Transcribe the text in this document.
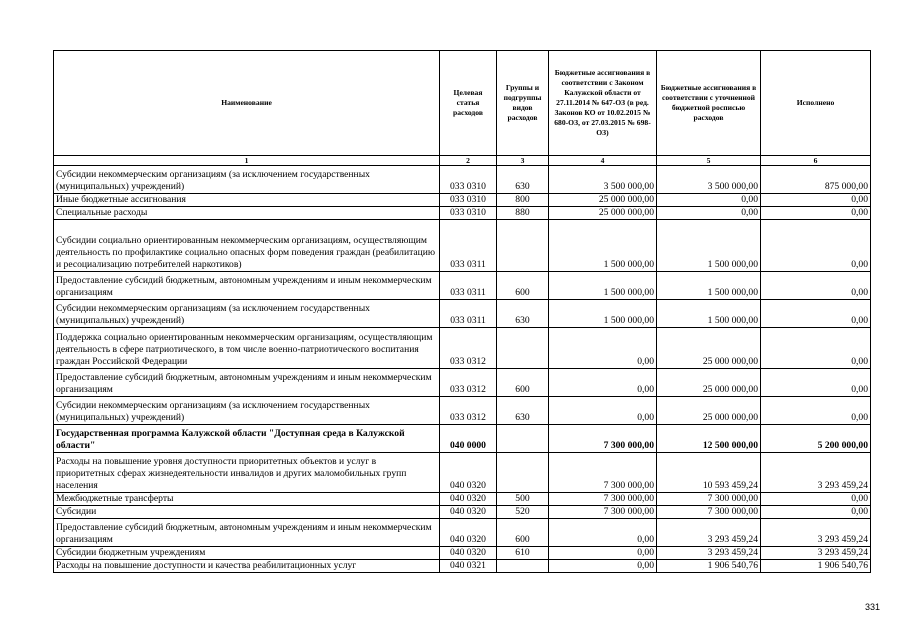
Наименование	Целевая статья расходов	Группы и подгруппы видов расходов	Бюджетные ассигнования в соответствии с Законом Калужской области от 27.11.2014 № 647-ОЗ (в ред. Законов КО от 10.02.2015 № 680-ОЗ, от 27.03.2015 № 698-ОЗ)	Бюджетные ассигнования в соответствии с уточненной бюджетной росписью расходов	Исполнено
1	2	3	4	5	6
Субсидии некоммерческим организациям (за исключением государственных (муниципальных) учреждений)	033 0310	630	3 500 000,00	3 500 000,00	875 000,00
Иные бюджетные ассигнования	033 0310	800	25 000 000,00	0,00	0,00
Специальные расходы	033 0310	880	25 000 000,00	0,00	0,00
Субсидии социально ориентированным некоммерческим организациям, осуществляющим деятельность по профилактике социально опасных форм поведения граждан (реабилитацию и ресоциализацию потребителей наркотиков)	033 0311		1 500 000,00	1 500 000,00	0,00
Предоставление субсидий бюджетным, автономным учреждениям и иным некоммерческим организациям	033 0311	600	1 500 000,00	1 500 000,00	0,00
Субсидии некоммерческим организациям (за исключением государственных (муниципальных) учреждений)	033 0311	630	1 500 000,00	1 500 000,00	0,00
Поддержка социально ориентированным некоммерческим организациям, осуществляющим деятельность в сфере патриотического, в том числе военно-патриотического воспитания граждан Российской Федерации	033 0312		0,00	25 000 000,00	0,00
Предоставление субсидий бюджетным, автономным учреждениям и иным некоммерческим организациям	033 0312	600	0,00	25 000 000,00	0,00
Субсидии некоммерческим организациям (за исключением государственных (муниципальных) учреждений)	033 0312	630	0,00	25 000 000,00	0,00
Государственная программа Калужской области "Доступная среда в Калужской области"	040 0000		7 300 000,00	12 500 000,00	5 200 000,00
Расходы на повышение уровня доступности приоритетных объектов и услуг в приоритетных сферах жизнедеятельности инвалидов и других маломобильных групп населения	040 0320		7 300 000,00	10 593 459,24	3 293 459,24
Межбюджетные трансферты	040 0320	500	7 300 000,00	7 300 000,00	0,00
Субсидии	040 0320	520	7 300 000,00	7 300 000,00	0,00
Предоставление субсидий бюджетным, автономным учреждениям и иным некоммерческим организациям	040 0320	600	0,00	3 293 459,24	3 293 459,24
Субсидии бюджетным учреждениям	040 0320	610	0,00	3 293 459,24	3 293 459,24
Расходы на повышение доступности и качества реабилитационных услуг	040 0321		0,00	1 906 540,76	1 906 540,76
331
